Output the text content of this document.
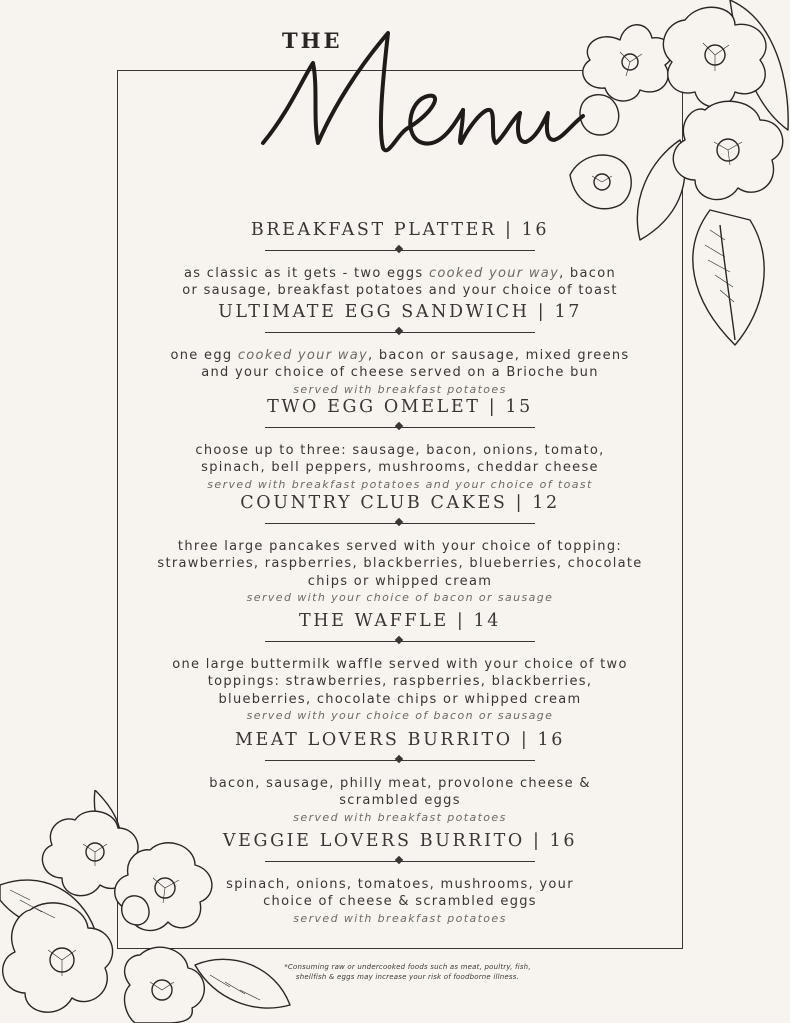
THE
BREAKFAST PLATTER | 16
as classic as it gets - two eggs cooked your way, bacon
or sausage, breakfast potatoes and your choice of toast
ULTIMATE EGG SANDWICH | 17
one egg cooked your way, bacon or sausage, mixed greens
and your choice of cheese served on a Brioche bun
served with breakfast potatoes
TWO EGG OMELET | 15
choose up to three: sausage, bacon, onions, tomato,
spinach, bell peppers, mushrooms, cheddar cheese
served with breakfast potatoes and your choice of toast
COUNTRY CLUB CAKES | 12
three large pancakes served with your choice of topping:
strawberries, raspberries, blackberries, blueberries, chocolate
chips or whipped cream
served with your choice of bacon or sausage
THE WAFFLE | 14
one large buttermilk waffle served with your choice of two
toppings: strawberries, raspberries, blackberries,
blueberries, chocolate chips or whipped cream
served with your choice of bacon or sausage
MEAT LOVERS BURRITO | 16
bacon, sausage, philly meat, provolone cheese &
scrambled eggs
served with breakfast potatoes
VEGGIE LOVERS BURRITO | 16
spinach, onions, tomatoes, mushrooms, your
choice of cheese & scrambled eggs
served with breakfast potatoes
*Consuming raw or undercooked foods such as meat, poultry, fish,
shellfish & eggs may increase your risk of foodborne illness.
